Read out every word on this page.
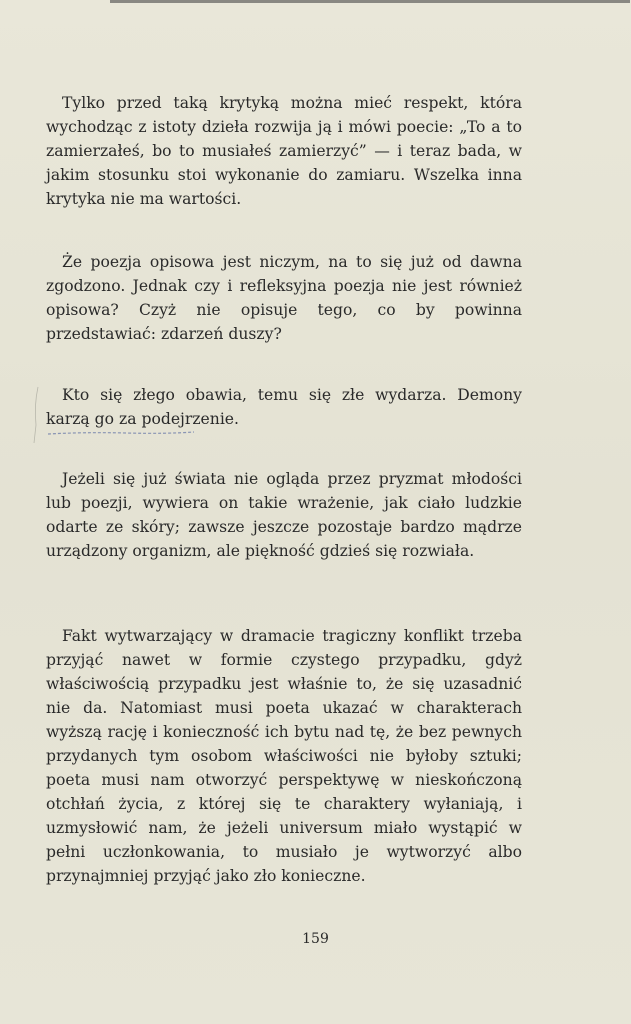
Tylko przed taką krytyką można mieć respekt, która wychodząc z istoty dzieła rozwija ją i mówi poecie: „To a to zamierzałeś, bo to musiałeś zamierzyć” — i teraz bada, w jakim stosunku stoi wykonanie do zamiaru. Wszelka inna krytyka nie ma wartości.

Że poezja opisowa jest niczym, na to się już od dawna zgodzono. Jednak czy i refleksyjna poezja nie jest również opisowa? Czyż nie opisuje tego, co by powinna przedstawiać: zdarzeń duszy?

Kto się złego obawia, temu się złe wydarza. Demony karzą go za podejrzenie.

Jeżeli się już świata nie ogląda przez pryzmat młodości lub poezji, wywiera on takie wrażenie, jak ciało ludzkie odarte ze skóry; zawsze jeszcze pozostaje bardzo mądrze urządzony organizm, ale piękność gdzieś się rozwiała.

Fakt wytwarzający w dramacie tragiczny konflikt trzeba przyjąć nawet w formie czystego przypadku, gdyż właściwością przypadku jest właśnie to, że się uzasadnić nie da. Natomiast musi poeta ukazać w charakterach wyższą rację i konieczność ich bytu nad tę, że bez pewnych przydanych tym osobom właściwości nie byłoby sztuki; poeta musi nam otworzyć perspektywę w nieskończoną otchłań życia, z której się te charaktery wyłaniają, i uzmysłowić nam, że jeżeli universum miało wystąpić w pełni uczłonkowania, to musiało je wytworzyć albo przynajmniej przyjąć jako zło konieczne.

159
